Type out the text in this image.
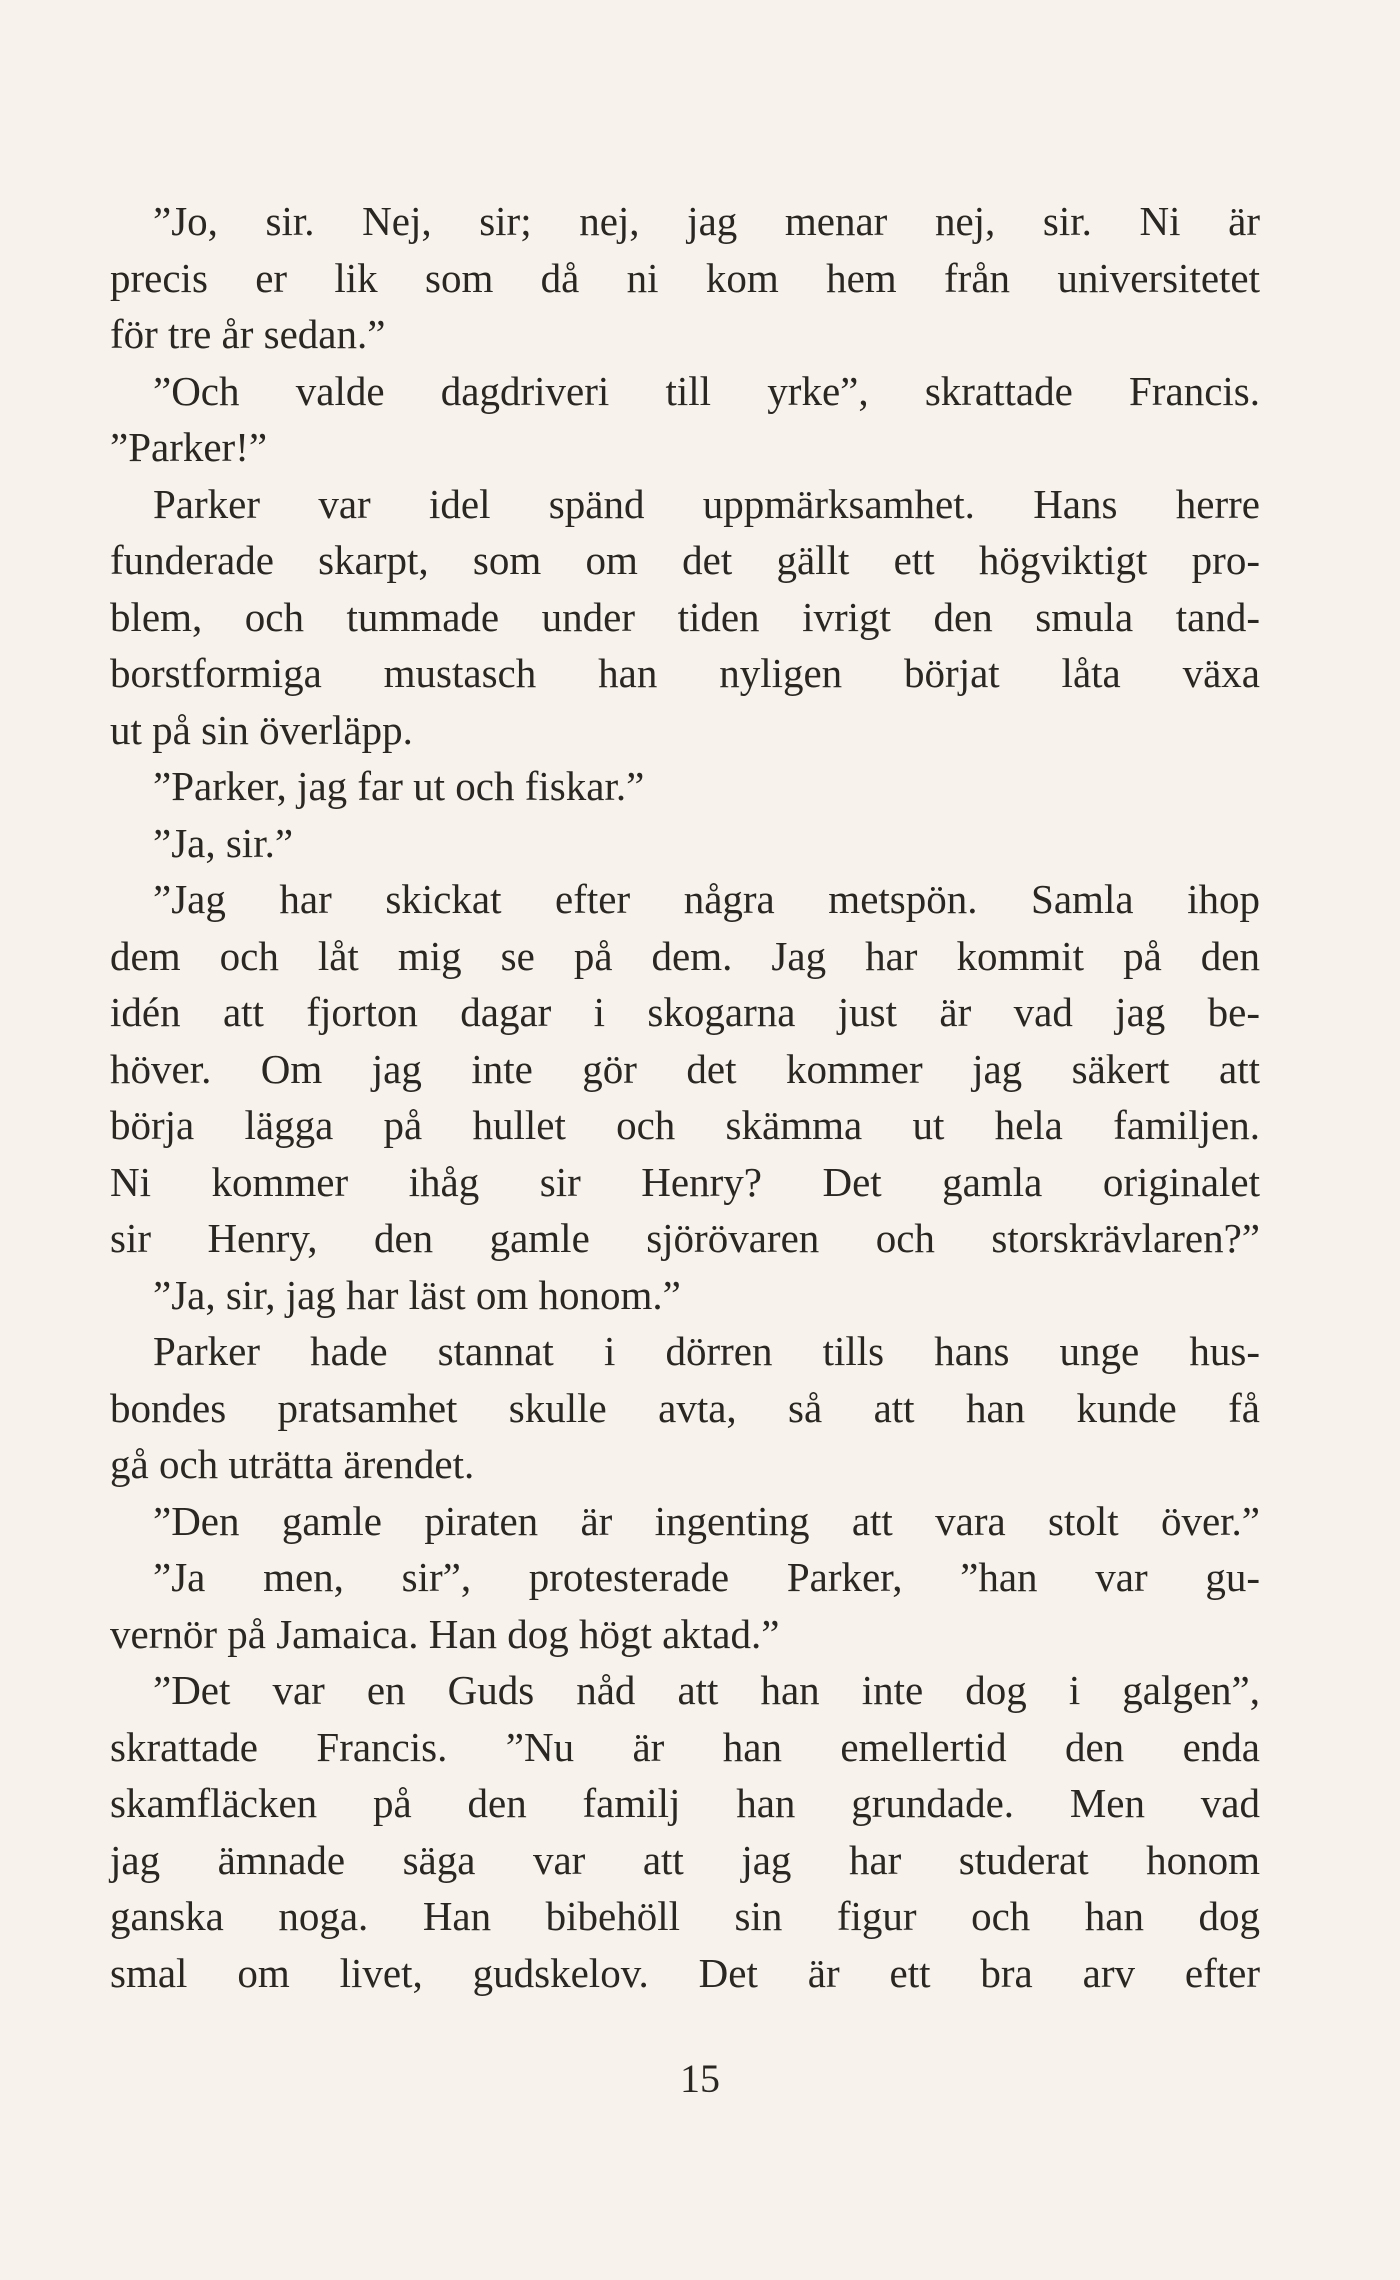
”Jo, sir. Nej, sir; nej, jag menar nej, sir. Ni är
precis er lik som då ni kom hem från universitetet
för tre år sedan.”
”Och valde dagdriveri till yrke”, skrattade Francis.
”Parker!”
Parker var idel spänd uppmärksamhet. Hans herre
funderade skarpt, som om det gällt ett högviktigt pro-
blem, och tummade under tiden ivrigt den smula tand-
borstformiga mustasch han nyligen börjat låta växa
ut på sin överläpp.
”Parker, jag far ut och fiskar.”
”Ja, sir.”
”Jag har skickat efter några metspön. Samla ihop
dem och låt mig se på dem. Jag har kommit på den
idén att fjorton dagar i skogarna just är vad jag be-
höver. Om jag inte gör det kommer jag säkert att
börja lägga på hullet och skämma ut hela familjen.
Ni kommer ihåg sir Henry? Det gamla originalet
sir Henry, den gamle sjörövaren och storskrävlaren?”
”Ja, sir, jag har läst om honom.”
Parker hade stannat i dörren tills hans unge hus-
bondes pratsamhet skulle avta, så att han kunde få
gå och uträtta ärendet.
”Den gamle piraten är ingenting att vara stolt över.”
”Ja men, sir”, protesterade Parker, ”han var gu-
vernör på Jamaica. Han dog högt aktad.”
”Det var en Guds nåd att han inte dog i galgen”,
skrattade Francis. ”Nu är han emellertid den enda
skamfläcken på den familj han grundade. Men vad
jag ämnade säga var att jag har studerat honom
ganska noga. Han bibehöll sin figur och han dog
smal om livet, gudskelov. Det är ett bra arv efter
15
